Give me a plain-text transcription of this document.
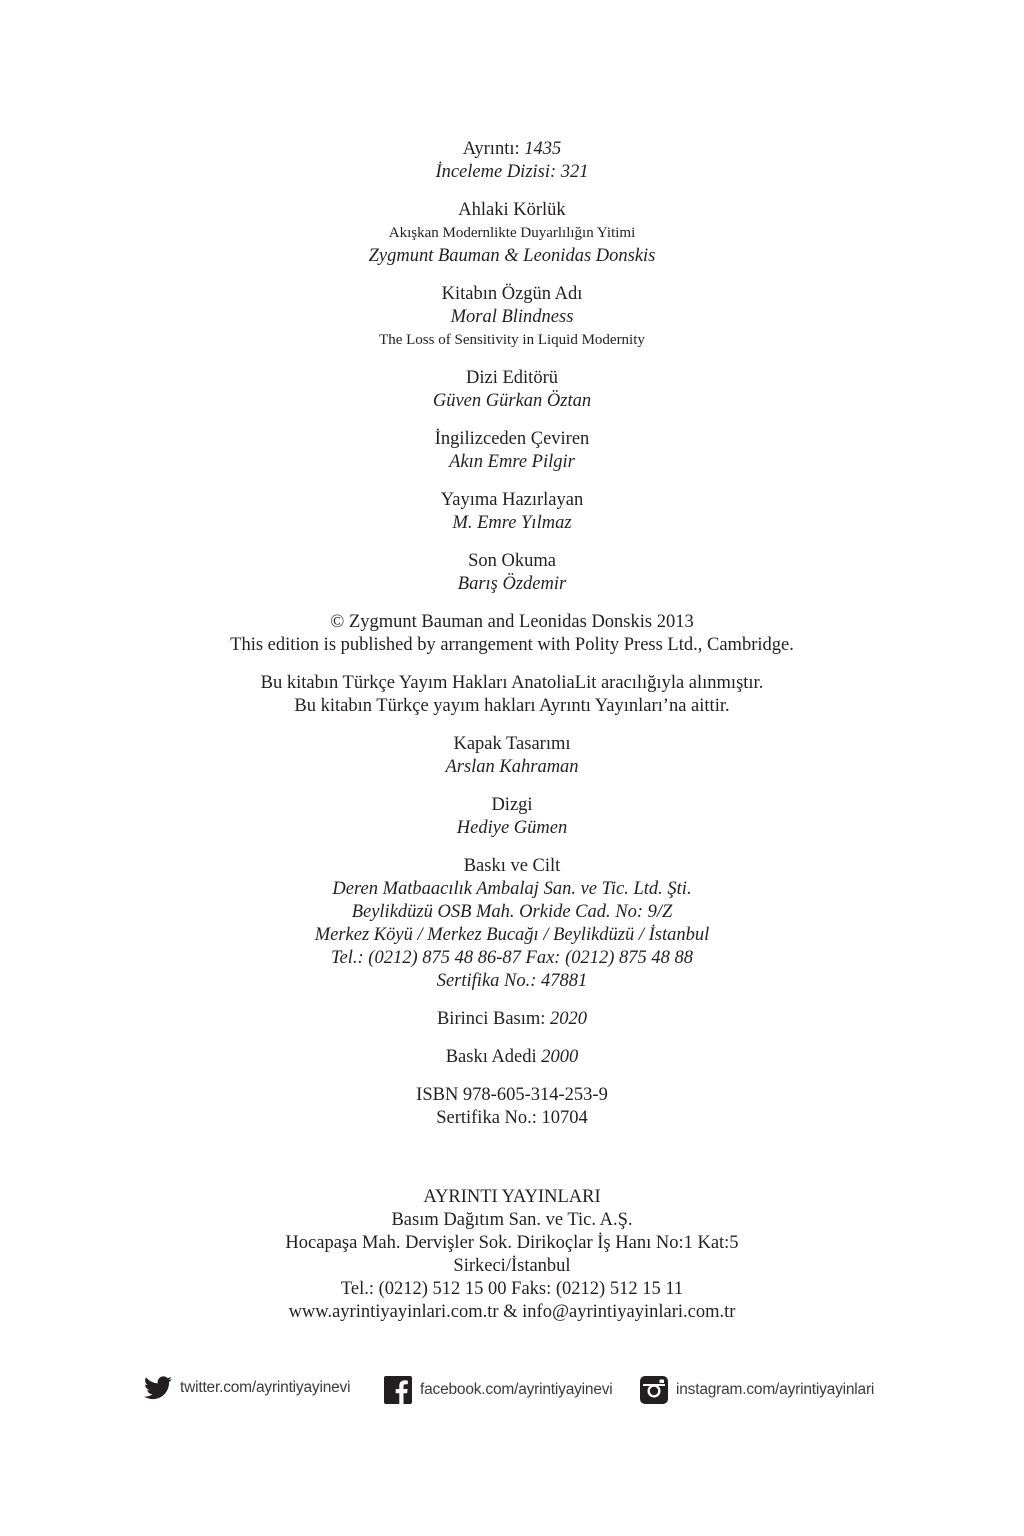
Ayrıntı: 1435
İnceleme Dizisi: 321
Ahlaki Körlük
Akışkan Modernlikte Duyarlılığın Yitimi
Zygmunt Bauman & Leonidas Donskis
Kitabın Özgün Adı
Moral Blindness
The Loss of Sensitivity in Liquid Modernity
Dizi Editörü
Güven Gürkan Öztan
İngilizceden Çeviren
Akın Emre Pilgir
Yayıma Hazırlayan
M. Emre Yılmaz
Son Okuma
Barış Özdemir
© Zygmunt Bauman and Leonidas Donskis 2013
This edition is published by arrangement with Polity Press Ltd., Cambridge.
Bu kitabın Türkçe Yayım Hakları AnatoliaLit aracılığıyla alınmıştır.
Bu kitabın Türkçe yayım hakları Ayrıntı Yayınları’na aittir.
Kapak Tasarımı
Arslan Kahraman
Dizgi
Hediye Gümen
Baskı ve Cilt
Deren Matbaacılık Ambalaj San. ve Tic. Ltd. Şti.
Beylikdüzü OSB Mah. Orkide Cad. No: 9/Z
Merkez Köyü / Merkez Bucağı / Beylikdüzü / İstanbul
Tel.: (0212) 875 48 86-87 Fax: (0212) 875 48 88
Sertifika No.: 47881
Birinci Basım: 2020
Baskı Adedi 2000
ISBN 978-605-314-253-9
Sertifika No.: 10704
AYRINTI YAYINLARI
Basım Dağıtım San. ve Tic. A.Ş.
Hocapaşa Mah. Dervişler Sok. Dirikoçlar İş Hanı No:1 Kat:5
Sirkeci/İstanbul
Tel.: (0212) 512 15 00 Faks: (0212) 512 15 11
www.ayrintiyayinlari.com.tr & info@ayrintiyayinlari.com.tr
twitter.com/ayrintiyayinevi	facebook.com/ayrintiyayinevi	instagram.com/ayrintiyayinlari
